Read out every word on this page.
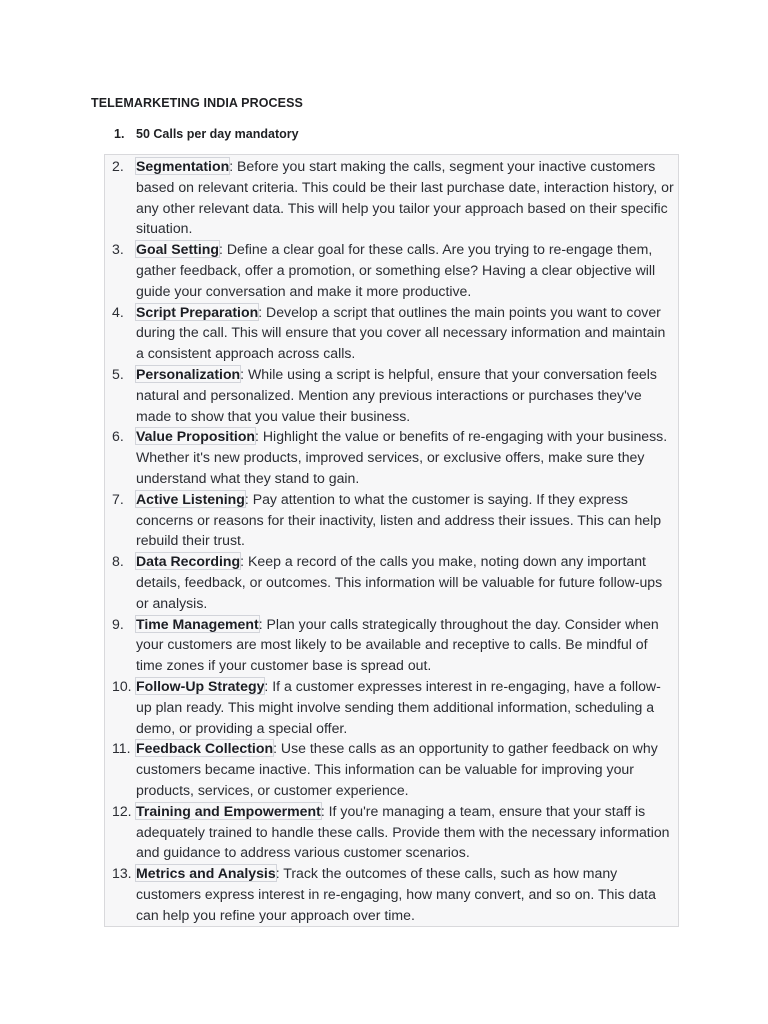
TELEMARKETING INDIA PROCESS
1. 50 Calls per day mandatory
2. Segmentation: Before you start making the calls, segment your inactive customers based on relevant criteria. This could be their last purchase date, interaction history, or any other relevant data. This will help you tailor your approach based on their specific situation.
3. Goal Setting: Define a clear goal for these calls. Are you trying to re-engage them, gather feedback, offer a promotion, or something else? Having a clear objective will guide your conversation and make it more productive.
4. Script Preparation: Develop a script that outlines the main points you want to cover during the call. This will ensure that you cover all necessary information and maintain a consistent approach across calls.
5. Personalization: While using a script is helpful, ensure that your conversation feels natural and personalized. Mention any previous interactions or purchases they've made to show that you value their business.
6. Value Proposition: Highlight the value or benefits of re-engaging with your business. Whether it's new products, improved services, or exclusive offers, make sure they understand what they stand to gain.
7. Active Listening: Pay attention to what the customer is saying. If they express concerns or reasons for their inactivity, listen and address their issues. This can help rebuild their trust.
8. Data Recording: Keep a record of the calls you make, noting down any important details, feedback, or outcomes. This information will be valuable for future follow-ups or analysis.
9. Time Management: Plan your calls strategically throughout the day. Consider when your customers are most likely to be available and receptive to calls. Be mindful of time zones if your customer base is spread out.
10. Follow-Up Strategy: If a customer expresses interest in re-engaging, have a follow-up plan ready. This might involve sending them additional information, scheduling a demo, or providing a special offer.
11. Feedback Collection: Use these calls as an opportunity to gather feedback on why customers became inactive. This information can be valuable for improving your products, services, or customer experience.
12. Training and Empowerment: If you're managing a team, ensure that your staff is adequately trained to handle these calls. Provide them with the necessary information and guidance to address various customer scenarios.
13. Metrics and Analysis: Track the outcomes of these calls, such as how many customers express interest in re-engaging, how many convert, and so on. This data can help you refine your approach over time.
